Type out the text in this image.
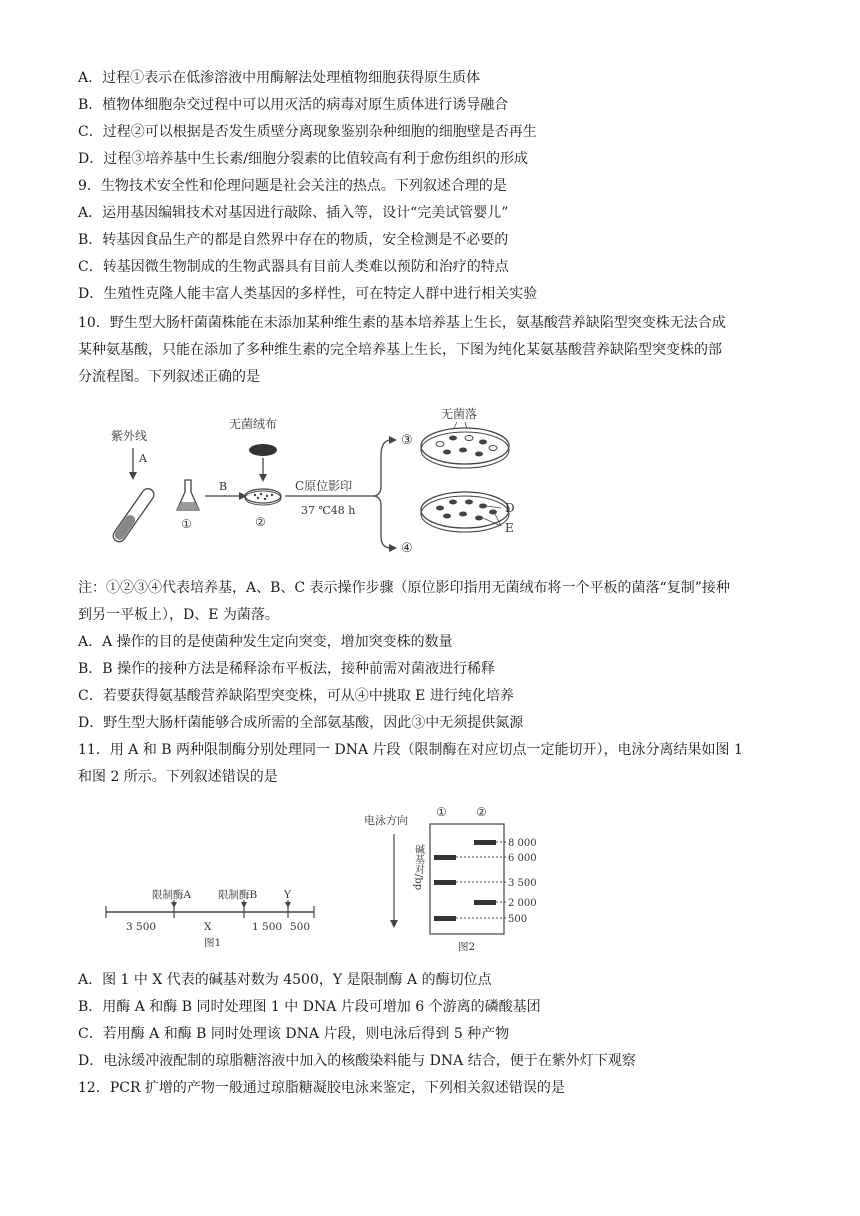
A．过程①表示在低渗溶液中用酶解法处理植物细胞获得原生质体
B．植物体细胞杂交过程中可以用灭活的病毒对原生质体进行诱导融合
C．过程②可以根据是否发生质壁分离现象鉴别杂种细胞的细胞壁是否再生
D．过程③培养基中生长素/细胞分裂素的比值较高有利于愈伤组织的形成
9．生物技术安全性和伦理问题是社会关注的热点。下列叙述合理的是
A．运用基因编辑技术对基因进行敲除、插入等，设计“完美试管婴儿”
B．转基因食品生产的都是自然界中存在的物质，安全检测是不必要的
C．转基因微生物制成的生物武器具有目前人类难以预防和治疗的特点
D．生殖性克隆人能丰富人类基因的多样性，可在特定人群中进行相关实验
10．野生型大肠杆菌菌株能在未添加某种维生素的基本培养基上生长，氨基酸营养缺陷型突变株无法合成
某种氨基酸，只能在添加了多种维生素的完全培养基上生长，下图为纯化某氨基酸营养缺陷型突变株的部
分流程图。下列叙述正确的是
紫外线
A
①
B
无菌绒布
②
C原位影印
37 ℃48 h
③
④
无菌落
D
E
注：①②③④代表培养基，A、B、C 表示操作步骤（原位影印指用无菌绒布将一个平板的菌落“复制”接种
到另一平板上），D、E 为菌落。
A．A 操作的目的是使菌种发生定向突变，增加突变株的数量
B．B 操作的接种方法是稀释涂布平板法，接种前需对菌液进行稀释
C．若要获得氨基酸营养缺陷型突变株，可从④中挑取 E 进行纯化培养
D．野生型大肠杆菌能够合成所需的全部氨基酸，因此③中无须提供氮源
11．用 A 和 B 两种限制酶分别处理同一 DNA 片段（限制酶在对应切点一定能切开），电泳分离结果如图 1
和图 2 所示。下列叙述错误的是
限制酶A	限制酶B	Y
3 500	X	1 500 500
图1
电泳方向
① ②
碱基对/bp
8 000
6 000
3 500
2 000
500
图2
A．图 1 中 X 代表的碱基对数为 4500，Y 是限制酶 A 的酶切位点
B．用酶 A 和酶 B 同时处理图 1 中 DNA 片段可增加 6 个游离的磷酸基团
C．若用酶 A 和酶 B 同时处理该 DNA 片段，则电泳后得到 5 种产物
D．电泳缓冲液配制的琼脂糖溶液中加入的核酸染料能与 DNA 结合，便于在紫外灯下观察
12．PCR 扩增的产物一般通过琼脂糖凝胶电泳来鉴定，下列相关叙述错误的是
